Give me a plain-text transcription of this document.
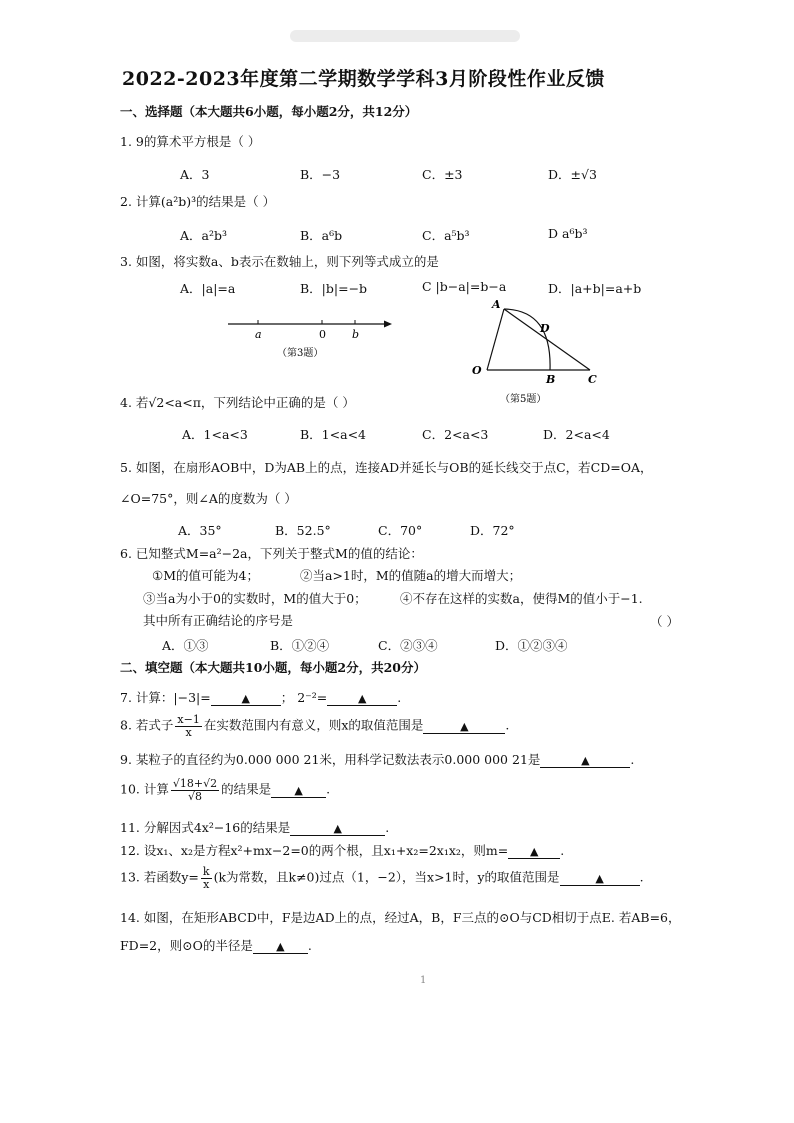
2022-2023年度第二学期数学学科3月阶段性作业反馈
一、选择题（本大题共6小题，每小题2分，共12分）
1. 9的算术平方根是（ ）
A．3	B．−3	C．±3	D．±√3
2. 计算(a²b)³的结果是（ ）
A．a²b³	B．a⁶b	C．a⁵b³	D a⁶b³
3. 如图，将实数a、b表示在数轴上，则下列等式成立的是
A．|a|=a	B．|b|=−b	C |b−a|=b−a	D．|a+b|=a+b
a	0 b
（第3题）
A
D
O
B	C
（第5题）
4. 若√2<a<π，下列结论中正确的是（ ）
A．1<a<3	B．1<a<4	C．2<a<3	D．2<a<4
5. 如图，在扇形AOB中，D为AB上的点，连接AD并延长与OB的延长线交于点C，若CD=OA，
∠O=75°，则∠A的度数为（ ）
A．35°	B．52.5°	C．70°	D．72°
6. 已知整式M=a²−2a，下列关于整式M的值的结论：
①M的值可能为4；	②当a>1时，M的值随a的增大而增大；
③当a为小于0的实数时，M的值大于0；	④不存在这样的实数a，使得M的值小于−1.
其中所有正确结论的序号是	（ ）
A．①③	B．①②④	C．②③④	D．①②③④
二、填空题（本大题共10小题，每小题2分，共20分）
7. 计算：|−3|=	▲ ； 2⁻²=	▲ .
8. 若式子 $\frac{x-1}{x}$ 在实数范围内有意义，则x的取值范围是	▲	.
9. 某粒子的直径约为0.000 000 21米，用科学记数法表示0.000 000 21是	▲	.
10. 计算 $\frac{√18+√2}{√8}$ 的结果是 ▲ .
11. 分解因式4x²−16的结果是	▲	.
12. 设x₁、x₂是方程x²+mx−2=0的两个根，且x₁+x₂=2x₁x₂，则m= ▲ .
13. 若函数$y= \frac{k}{x} (k$为常数，且k≠0)过点（1，−2），当x>1时，y的取值范围是	▲	.
14. 如图，在矩形ABCD中，F是边AD上的点，经过A，B，F三点的⊙O与CD相切于点E. 若AB=6，
FD=2，则⊙O的半径是 ▲ .
1
